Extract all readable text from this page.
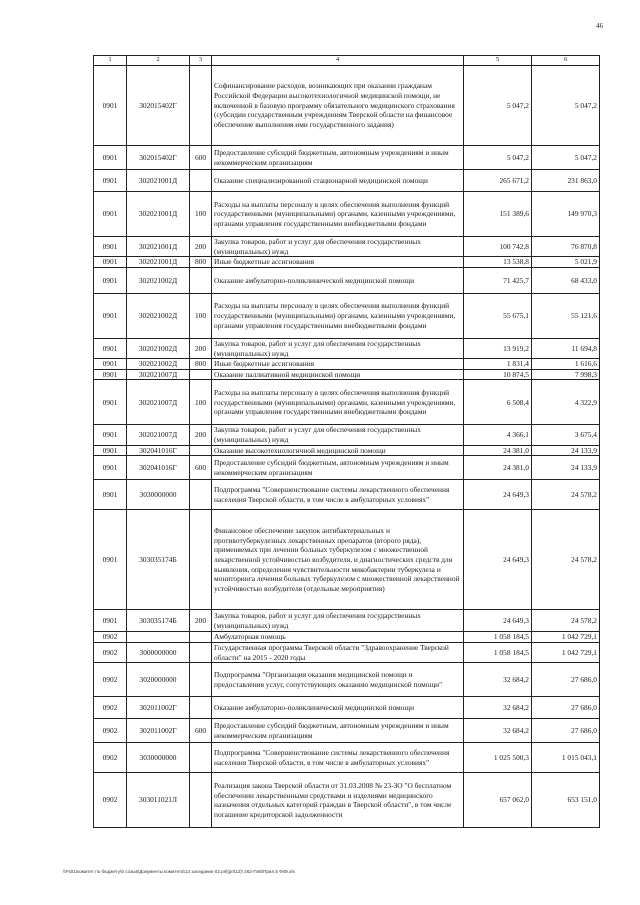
46
1	2	3	4	5	6
0901	302015402Г		Софинансирование расходов, возникающих при оказании гражданам Российской Федерации высокотехнологичной медицинской помощи, не включенной в базовую программу обязательного медицинского страхования (субсидии государственным учреждениям Тверской области на финансовое обеспечение выполнения ими государственного задания)	5 047,2	5 047,2
0901	302015402Г	600	Предоставление субсидий бюджетным, автономным учреждениям и иным некоммерческим организациям	5 047,2	5 047,2
0901	302021001Д		Оказание специализированной стационарной медицинской помощи	265 671,2	231 863,0
0901	302021001Д	100	Расходы на выплаты персоналу в целях обеспечения выполнения функций государственными (муниципальными) органами, казенными учреждениями, органами управления государственными внебюджетными фондами	151 389,6	149 970,3
0901	302021001Д	200	Закупка товаров, работ и услуг для обеспечения государственных (муниципальных) нужд	100 742,8	76 870,8
0901	302021001Д	800	Иные бюджетные ассигнования	13 538,8	5 021,9
0901	302021002Д		Оказание амбулаторно-поликлинической медицинской помощи	71 425,7	68 433,0
0901	302021002Д	100	Расходы на выплаты персоналу в целях обеспечения выполнения функций государственными (муниципальными) органами, казенными учреждениями, органами управления государственными внебюджетными фондами	55 675,1	55 121,6
0901	302021002Д	200	Закупка товаров, работ и услуг для обеспечения государственных (муниципальных) нужд	13 919,2	11 694,8
0901	302021002Д	800	Иные бюджетные ассигнования	1 831,4	1 616,6
0901	302021007Д		Оказание паллиативной медицинской помощи	10 874,5	7 998,3
0901	302021007Д	100	Расходы на выплаты персоналу в целях обеспечения выполнения функций государственными (муниципальными) органами, казенными учреждениями, органами управления государственными внебюджетными фондами	6 508,4	4 322,9
0901	302021007Д	200	Закупка товаров, работ и услуг для обеспечения государственных (муниципальных) нужд	4 366,1	3 675,4
0901	302041016Г		Оказание высокотехнологичной медицинской помощи	24 381,0	24 133,9
0901	302041016Г	600	Предоставление субсидий бюджетным, автономным учреждениям и иным некоммерческим организациям	24 381,0	24 133,9
0901	3030000000		Подпрограмма "Совершенствование системы лекарственного обеспечения населения Тверской области, в том числе в амбулаторных условиях"	24 649,3	24 578,2
0901	303035174Б		Финансовое обеспечение закупок антибактериальных и противотуберкулезных лекарственных препаратов (второго ряда), применяемых при лечении больных туберкулезом с множественной лекарственной устойчивостью возбудителя, и диагностических средств для выявления, определения чувствительности микобактерии туберкулеза и мониторинга лечения больных туберкулезом с множественной лекарственной устойчивостью возбудителя (отдельные мероприятия)	24 649,3	24 578,2
0901	303035174Б	200	Закупка товаров, работ и услуг для обеспечения государственных (муниципальных) нужд	24 649,3	24 578,2
0902			Амбулаторная помощь	1 058 184,5	1 042 729,1
0902	3000000000		Государственная программа Тверской области "Здравоохранение Тверской области" на 2015 - 2020 годы	1 058 184,5	1 042 729,1
0902	3020000000		Подпрограмма "Организация оказания медицинской помощи и предоставления услуг, сопутствующих оказанию медицинской помощи"	32 684,2	27 686,0
0902	302011002Г		Оказание амбулаторно-поликлинической медицинской помощи	32 684,2	27 686,0
0902	302011002Г	600	Предоставление субсидий бюджетным, автономным учреждениям и иным некоммерческим организациям	32 684,2	27 686,0
0902	3030000000		Подпрограмма "Совершенствование системы лекарственного обеспечения населения Тверской области, в том числе в амбулаторных условиях"	1 025 500,3	1 015 043,1
0902	303011021Л		Реализация закона Тверской области от 31.03.2008 № 23-ЗО "О бесплатном обеспечении лекарственными средствами и изделиями медицинского назначения отдельных категорий граждан в Тверской области", в том числе погашение кредиторской задолженности	657 062,0	653 151,0
\\Fs01\комитет по бюджету\6 созыв\Документы комитета\13 заседание 02.pril(pril13)\ 262-П46\Прил.5 Ф49.xls
